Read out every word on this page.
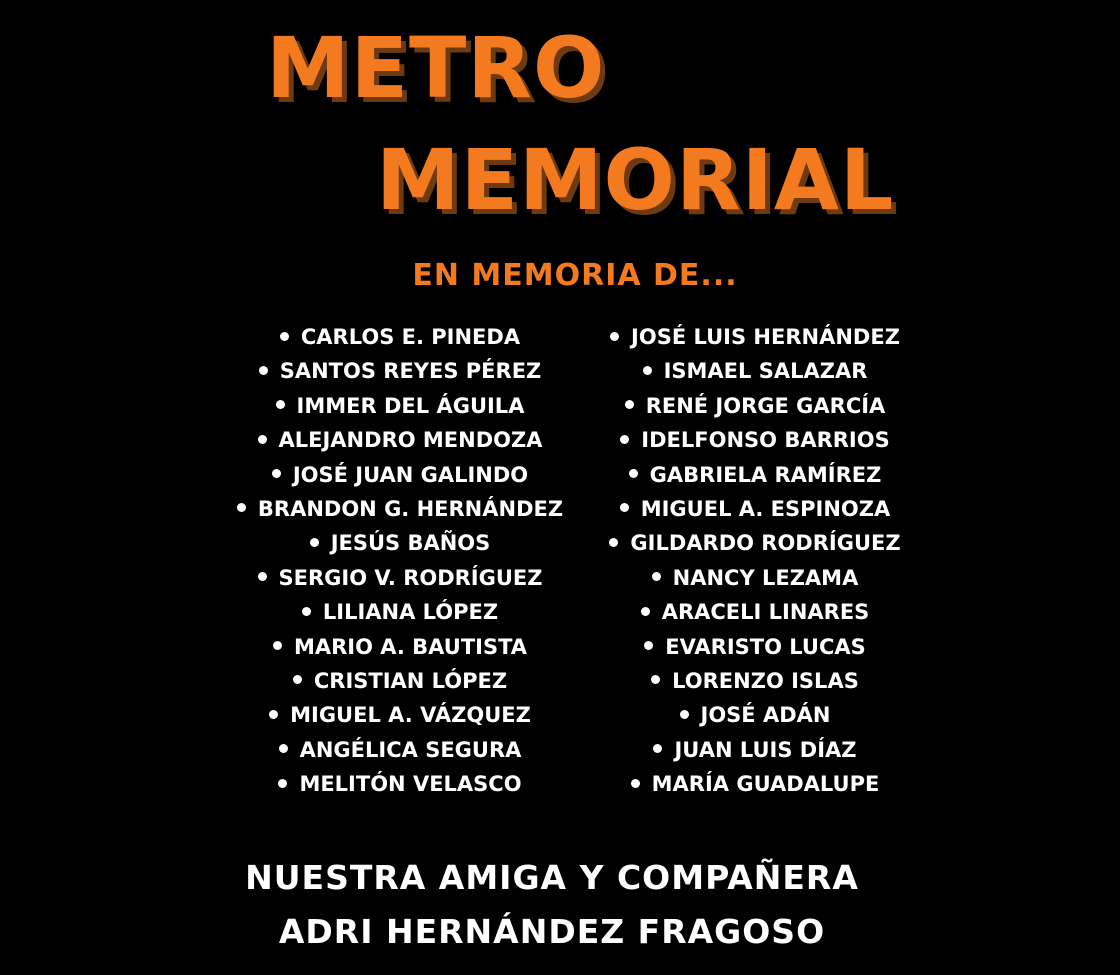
METRO
MEMORIAL
EN MEMORIA DE...
CARLOS E. PINEDA
SANTOS REYES PÉREZ
IMMER DEL ÁGUILA
ALEJANDRO MENDOZA
JOSÉ JUAN GALINDO
BRANDON G. HERNÁNDEZ
JESÚS BAÑOS
SERGIO V. RODRÍGUEZ
LILIANA LÓPEZ
MARIO A. BAUTISTA
CRISTIAN LÓPEZ
MIGUEL A. VÁZQUEZ
ANGÉLICA SEGURA
MELITÓN VELASCO
JOSÉ LUIS HERNÁNDEZ
ISMAEL SALAZAR
RENÉ JORGE GARCÍA
IDELFONSO BARRIOS
GABRIELA RAMÍREZ
MIGUEL A. ESPINOZA
GILDARDO RODRÍGUEZ
NANCY LEZAMA
ARACELI LINARES
EVARISTO LUCAS
LORENZO ISLAS
JOSÉ ADÁN
JUAN LUIS DÍAZ
MARÍA GUADALUPE

NUESTRA AMIGA Y COMPAÑERA

ADRI HERNÁNDEZ FRAGOSO
